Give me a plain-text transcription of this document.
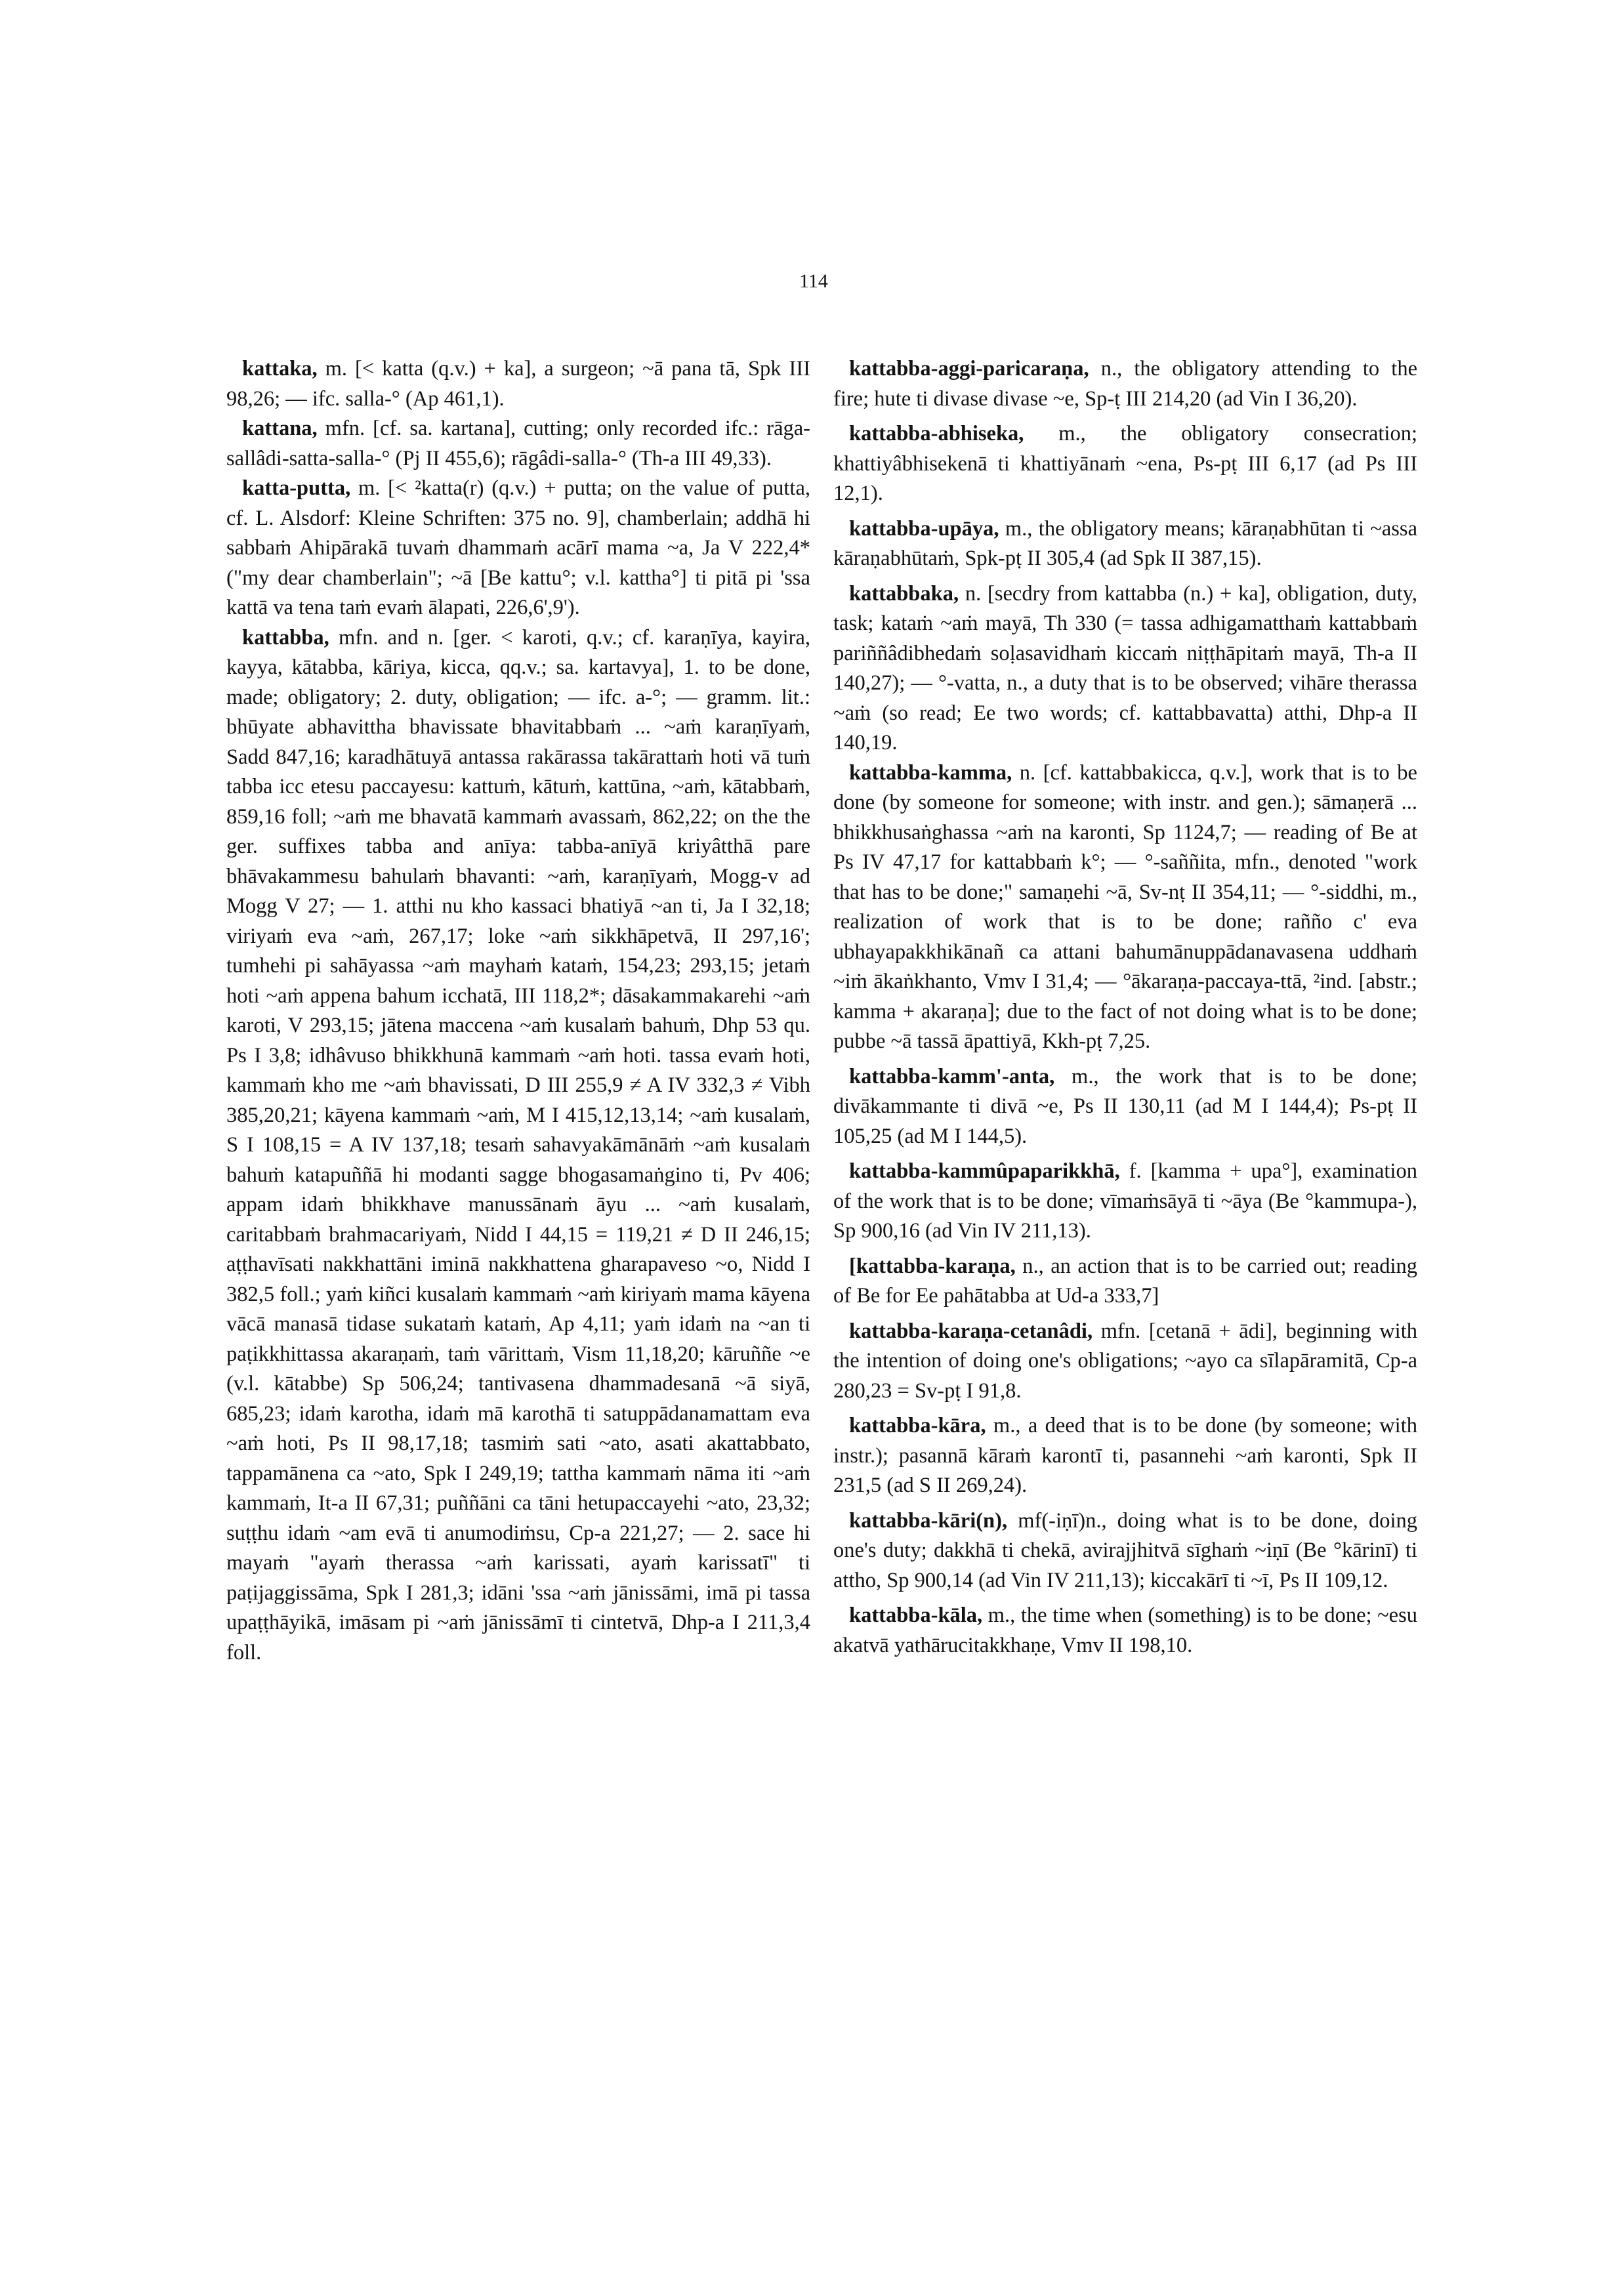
114

kattaka, m. [< katta (q.v.) + ka], a surgeon; ~ā pana tā, Spk III 98,26; — ifc. salla-° (Ap 461,1).

kattana, mfn. [cf. sa. kartana], cutting; only recorded ifc.: rāga-sallâdi-satta-salla-° (Pj II 455,6); rāgâdi-salla-° (Th-a III 49,33).

katta-putta, m. [< ²katta(r) (q.v.) + putta; on the value of putta, cf. L. Alsdorf: Kleine Schriften: 375 no. 9], chamberlain; addhā hi sabbaṁ Ahipārakā tuvaṁ dhammaṁ acārī mama ~a, Ja V 222,4* ("my dear chamberlain"; ~ā [Be kattu°; v.l. kattha°] ti pitā pi 'ssa kattā va tena taṁ evaṁ ālapati, 226,6',9').

kattabba, mfn. and n. [ger. < karoti, q.v.; cf. karaṇīya, kayira, kayya, kātabba, kāriya, kicca, qq.v.; sa. kartavya], 1. to be done, made; obligatory; 2. duty, obligation; — ifc. a-°; — gramm. lit.: bhūyate abhavittha bhavissate bhavitabbaṁ ... ~aṁ karaṇīyaṁ, Sadd 847,16; karadhātuyā antassa rakārassa takārattaṁ hoti vā tuṁ tabba icc etesu paccayesu: kattuṁ, kātuṁ, kattūna, ~aṁ, kātabbaṁ, 859,16 foll; ~aṁ me bhavatā kammaṁ avassaṁ, 862,22; on the the ger. suffixes tabba and anīya: tabba-anīyā kriyâtthā pare bhāvakammesu bahulaṁ bhavanti: ~aṁ, karaṇīyaṁ, Mogg-v ad Mogg V 27; — 1. atthi nu kho kassaci bhatiyā ~an ti, Ja I 32,18; viriyaṁ eva ~aṁ, 267,17; loke ~aṁ sikkhāpetvā, II 297,16'; tumhehi pi sahāyassa ~aṁ mayhaṁ kataṁ, 154,23; 293,15; jetaṁ hoti ~aṁ appena bahum icchatā, III 118,2*; dāsakammakarehi ~aṁ karoti, V 293,15; jātena maccena ~aṁ kusalaṁ bahuṁ, Dhp 53 qu. Ps I 3,8; idhâvuso bhikkhunā kammaṁ ~aṁ hoti. tassa evaṁ hoti, kammaṁ kho me ~aṁ bhavissati, D III 255,9 ≠ A IV 332,3 ≠ Vibh 385,20,21; kāyena kammaṁ ~aṁ, M I 415,12,13,14; ~aṁ kusalaṁ, S I 108,15 = A IV 137,18; tesaṁ sahavyakāmānāṁ ~aṁ kusalaṁ bahuṁ katapuññā hi modanti sagge bhogasamaṅgino ti, Pv 406; appam idaṁ bhikkhave manussānaṁ āyu ... ~aṁ kusalaṁ, caritabbaṁ brahmacariyaṁ, Nidd I 44,15 = 119,21 ≠ D II 246,15; aṭṭhavīsati nakkhattāni iminā nakkhattena gharapaveso ~o, Nidd I 382,5 foll.; yaṁ kiñci kusalaṁ kammaṁ ~aṁ kiriyaṁ mama kāyena vācā manasā tidase sukataṁ kataṁ, Ap 4,11; yaṁ idaṁ na ~an ti paṭikkhittassa akaraṇaṁ, taṁ vārittaṁ, Vism 11,18,20; kāruññe ~e (v.l. kātabbe) Sp 506,24; tantivasena dhammadesanā ~ā siyā, 685,23; idaṁ karotha, idaṁ mā karothā ti satuppādanamattam eva ~aṁ hoti, Ps II 98,17,18; tasmiṁ sati ~ato, asati akattabbato, tappamānena ca ~ato, Spk I 249,19; tattha kammaṁ nāma iti ~aṁ kammaṁ, It-a II 67,31; puññāni ca tāni hetupaccayehi ~ato, 23,32; suṭṭhu idaṁ ~am evā ti anumodiṁsu, Cp-a 221,27; — 2. sace hi mayaṁ "ayaṁ therassa ~aṁ karissati, ayaṁ karissatī" ti paṭijaggissāma, Spk I 281,3; idāni 'ssa ~aṁ jānissāmi, imā pi tassa upaṭṭhāyikā, imāsam pi ~aṁ jānissāmī ti cintetvā, Dhp-a I 211,3,4 foll.

kattabba-aggi-paricaraṇa, n., the obligatory attending to the fire; hute ti divase divase ~e, Sp-ṭ III 214,20 (ad Vin I 36,20).

kattabba-abhiseka, m., the obligatory consecration; khattiyâbhisekenā ti khattiyānaṁ ~ena, Ps-pṭ III 6,17 (ad Ps III 12,1).

kattabba-upāya, m., the obligatory means; kāraṇabhūtan ti ~assa kāraṇabhūtaṁ, Spk-pṭ II 305,4 (ad Spk II 387,15).

kattabbaka, n. [secdry from kattabba (n.) + ka], obligation, duty, task; kataṁ ~aṁ mayā, Th 330 (= tassa adhigamatthaṁ kattabbaṁ pariññâdibhedaṁ soḷasavidhaṁ kiccaṁ niṭṭhāpitaṁ mayā, Th-a II 140,27); — °-vatta, n., a duty that is to be observed; vihāre therassa ~aṁ (so read; Ee two words; cf. kattabbavatta) atthi, Dhp-a II 140,19.

kattabba-kamma, n. [cf. kattabbakicca, q.v.], work that is to be done (by someone for someone; with instr. and gen.); sāmaṇerā ... bhikkhusaṅghassa ~aṁ na karonti, Sp 1124,7; — reading of Be at Ps IV 47,17 for kattabbaṁ k°; — °-saññita, mfn., denoted "work that has to be done;" samaṇehi ~ā, Sv-nṭ II 354,11; — °-siddhi, m., realization of work that is to be done; rañño c' eva ubhayapakkhikānañ ca attani bahumānuppādanavasena uddhaṁ ~iṁ ākaṅkhanto, Vmv I 31,4; — °ākaraṇa-paccaya-ttā, ²ind. [abstr.; kamma + akaraṇa]; due to the fact of not doing what is to be done; pubbe ~ā tassā āpattiyā, Kkh-pṭ 7,25.

kattabba-kamm'-anta, m., the work that is to be done; divākammante ti divā ~e, Ps II 130,11 (ad M I 144,4); Ps-pṭ II 105,25 (ad M I 144,5).

kattabba-kammûpaparikkhā, f. [kamma + upa°], examination of the work that is to be done; vīmaṁsāyā ti ~āya (Be °kammupa-), Sp 900,16 (ad Vin IV 211,13).

[kattabba-karaṇa, n., an action that is to be carried out; reading of Be for Ee pahātabba at Ud-a 333,7]

kattabba-karaṇa-cetanâdi, mfn. [cetanā + ādi], beginning with the intention of doing one's obligations; ~ayo ca sīlapāramitā, Cp-a 280,23 = Sv-pṭ I 91,8.

kattabba-kāra, m., a deed that is to be done (by someone; with instr.); pasannā kāraṁ karontī ti, pasannehi ~aṁ karonti, Spk II 231,5 (ad S II 269,24).

kattabba-kāri(n), mf(-iṇī)n., doing what is to be done, doing one's duty; dakkhā ti chekā, avirajjhitvā sīghaṁ ~iṇī (Be °kārinī) ti attho, Sp 900,14 (ad Vin IV 211,13); kiccakārī ti ~ī, Ps II 109,12.

kattabba-kāla, m., the time when (something) is to be done; ~esu akatvā yathārucitakkhaṇe, Vmv II 198,10.
